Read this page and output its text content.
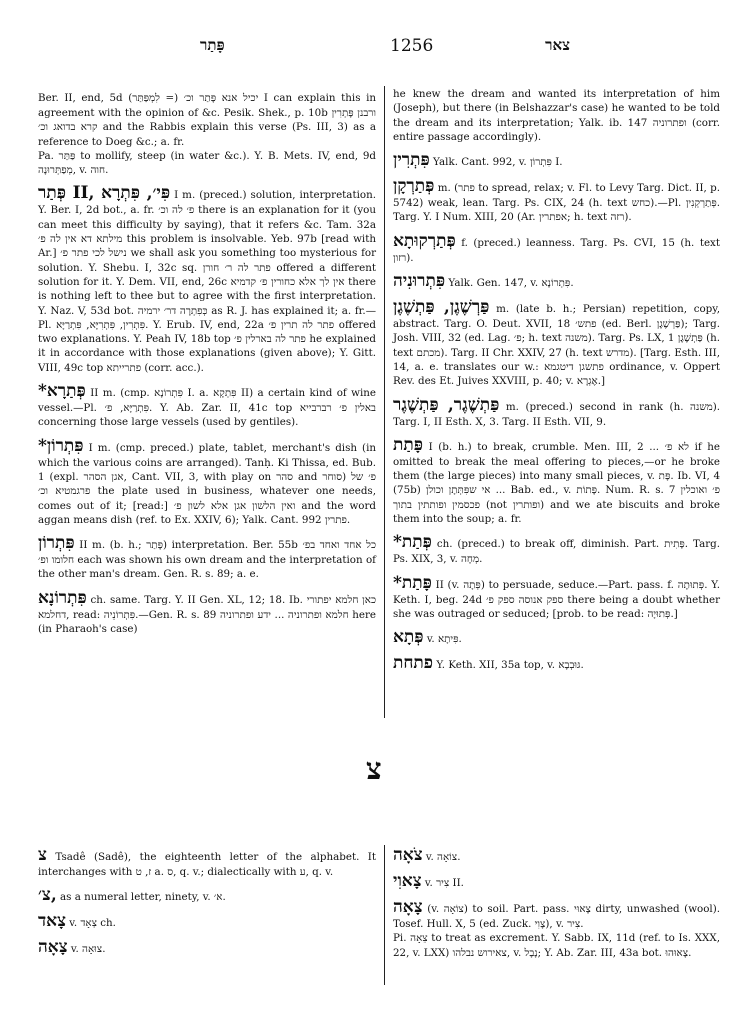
פָּתַר	1256	צאר

Ber. II, end, 5d (לִמְפַּתַּר =) יכיל אנא פָּתַר וכ׳ I can explain this in agreement with the opinion of &c. Pesik. Shek., p. 10b ורבנן פָּתְרִין קרא בדואג וכ׳ and the Rabbis explain this verse (Ps. III, 3) as a reference to Doeg &c.; a. fr.

Pa. פַּתַּר to mollify, steep (in water &c.). Y. B. Mets. IV, end, 9d מְפַתְּרוּנָה, v. חוה.

פְּתַר II, פִּי׳, פִּתְרָא I m. (preced.) solution, interpretation. Y. Ber. I, 2d bot., a. fr. פ׳ לה וכ׳ there is an explanation for it (you can meet this difficulty by saying), that it refers &c. Tam. 32a מילתא דא אין לה פ׳ this problem is insolvable. Yeb. 97b [read with Ar.] נישל לכי פתר פ׳ we shall ask you something too mysterious for solution. Y. Shebu. I, 32c sq. פתר לה ר׳ חורן offered a different solution for it. Y. Dem. VII, end, 26c אין לך אלא כחורין פ׳ קדמיא there is nothing left to thee but to agree with the first interpretation. Y. Naz. V, 53d bot. כְּפִתְרָה דר׳ ירמיה as R. J. has explained it; a. fr.— Pl. פִּתְרִין, פִּתְרִיָּא, פִּתְרַיָּא. Y. Erub. IV, end, 22a פתר לה תרין פ׳ offered two explanations. Y. Peah IV, 18b top פתר לה בארלין פ׳ he explained it in accordance with those explanations (given above); Y. Gitt. VIII, 49c top פתרייתא (corr. acc.).

*פְּתַרָא II m. (cmp. פִּתְרוֹנָא I. a. פִּתְקָא II) a certain kind of wine vessel.—Pl. פִּתְרַיָּא, פ׳. Y. Ab. Zar. II, 41c top באלין פ׳ רברבייא concerning those large vessels (used by gentiles).

*פִּתְרוֹן I m. (cmp. preced.) plate, tablet, merchant's dish (in which the various coins are arranged). Tanḥ. Ki Thissa, ed. Bub. 1 (expl. אגן הסהר, Cant. VII, 3, with play on סהר and סוחר) פ׳ של פרגמטיא וכ׳ the plate used in business, whatever one needs, comes out of it; [read:] ואין הלשון אגן אלא לשון פ׳ and the word aggan means dish (ref. to Ex. XXIV, 6); Yalk. Cant. 992 פתרין.

פִּתְרוֹן II m. (b. h.; פָּתַר) interpretation. Ber. 55b כל אחד ואחד בפ׳ חלומו ופ׳ each was shown his own dream and the interpretation of the other man's dream. Gen. R. s. 89; a. e.

פִּתְרוֹנָא ch. same. Targ. Y. II Gen. XL, 12; 18. Ib. כאן חלמא יפתורי דחלמא, read: פִּתְרוֹנֵיה.—Gen. R. s. 89 חלמא ופתרוניה ... ידע ופתרוניה here (in Pharaoh's case)

he knew the dream and wanted its interpretation of him (Joseph), but there (in Belshazzar's case) he wanted to be told the dream and its interpretation; Yalk. ib. 147 ופתרוניה (corr. entire passage accordingly).

פִּתְרִין Yalk. Cant. 992, v. פִּתְרוֹן I.

פְּתַרְקָן m. (פתר to spread, relax; v. Fl. to Levy Targ. Dict. II, p. 5742) weak, lean. Targ. Ps. CIX, 24 (h. text כחש).—Pl. פְּתַרְקְנִין. Targ. Y. I Num. XIII, 20 (Ar. אפתרין; h. text רזה).

פְּתַרְקוּתָא f. (preced.) leanness. Targ. Ps. CVI, 15 (h. text רזון).

פִּתְרוּנִיה Yalk. Gen. 147, v. פִּתְרוֹנָא.

פַּרְשֶׁגֶן, פַּתְשֶׁגֶן m. (late b. h.; Persian) repetition, copy, abstract. Targ. O. Deut. XVII, 18 פתש׳ (ed. Berl. פַּרְשֶׁגֶן); Targ. Josh. VIII, 32 (ed. Lag. פ׳; h. text משנה). Targ. Ps. LX, 1 פַּתְשֶׁגֶן (h. text מכתם). Targ. II Chr. XXIV, 27 (h. text מדרש). [Targ. Esth. III, 14, a. e. translates our w.: פתשגן דיטגמא ordinance, v. Oppert Rev. des Et. Juives XXVIII, p. 40; v. אֶגְרָא.]

פַּתְשֶׁגֶר, פַּתְשֶׁגֶר m. (preced.) second in rank (h. משנה). Targ. I, II Esth. X, 3. Targ. II Esth. VII, 9.

פָּתַת I (b. h.) to break, crumble. Men. III, 2 ... לא פ׳ if he omitted to break the meal offering to pieces,—or he broke them (the large pieces) into many small pieces, v. פָּת. Ib. VI, 4 (75b) אי שפִּתְּתָן וכולן ... Bab. ed., v. פָּתוֹת. Num. R. s. 7 פ׳ ואוכלין פכסמין ופותתין בתוך (not ופותרין) and we ate biscuits and broke them into the soup; a. fr.

*פְּתַת ch. (preced.) to break off, diminish. Part. פָּתִית. Targ. Ps. XIX, 3, v. מְחָה.

*פָּתַת II (v. פְּתָה) to persuade, seduce.—Part. pass. f. פְּתוּתָה. Y. Keth. I, beg. 24d ספק אנוסה ספק פ׳ there being a doubt whether she was outraged or seduced; [prob. to be read: פְּתוּיָה.]

פְּתָא v. פִּיתָא.

פתחת Y. Keth. XII, 35a top, v. גּוּבְבָא.

צ

צ Tsadê (Sadê), the eighteenth letter of the alphabet. It interchanges with ז, ט a. ס, q. v.; dialectically with ע, q. v.

צ׳, as a numeral letter, ninety, v. א׳.

צָאד v. צְאָד ch.

צָאָה v. צוּאָה.

צֹאָה v. צוֹאָה.

צָאוִי v. צִיר II.

צָאָה (v. צוֹאָה) to soil. Part. pass. צָאוּי dirty, unwashed (wool). Tosef. Hull. X, 5 (ed. Zuck. צָוִי), v. צִיר.

Pi. צֵאָה to treat as excrement. Y. Sabb. IX, 11d (ref. to Is. XXX, 22, v. LXX) צאירוש נבלהו, v. נָבָל; Y. Ab. Zar. III, 43a bot. צָאוּהוּ.
